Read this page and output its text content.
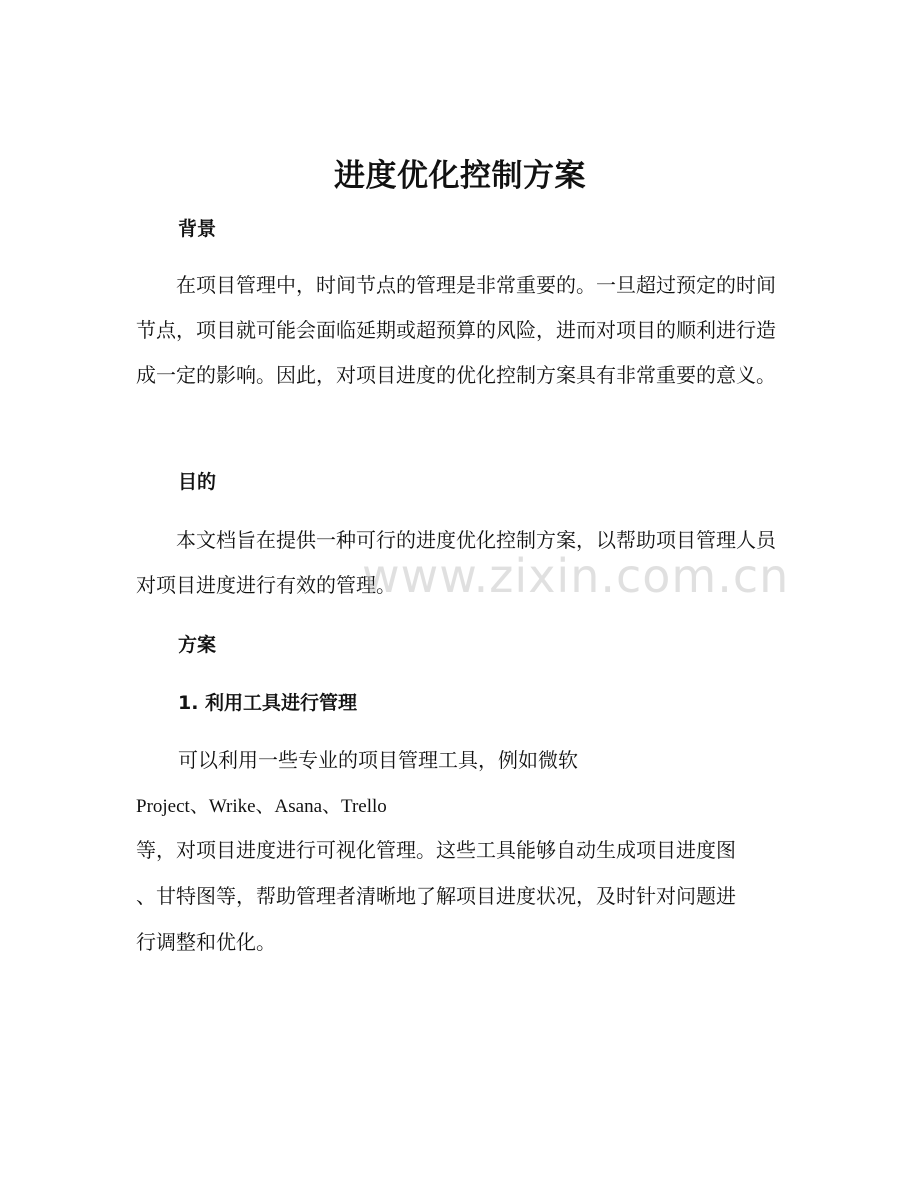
进度优化控制方案
背景

在项目管理中，时间节点的管理是非常重要的。一旦超过预定的时间节点，项目就可能会面临延期或超预算的风险，进而对项目的顺利进行造成一定的影响。因此，对项目进度的优化控制方案具有非常重要的意义。

目的

本文档旨在提供一种可行的进度优化控制方案，以帮助项目管理人员对项目进度进行有效的管理。

方案
1. 利用工具进行管理
可以利用一些专业的项目管理工具，例如微软
Project、Wrike、Asana、Trello
等，对项目进度进行可视化管理。这些工具能够自动生成项目进度图
、甘特图等，帮助管理者清晰地了解项目进度状况，及时针对问题进
行调整和优化。
www.zixin.com.cn
